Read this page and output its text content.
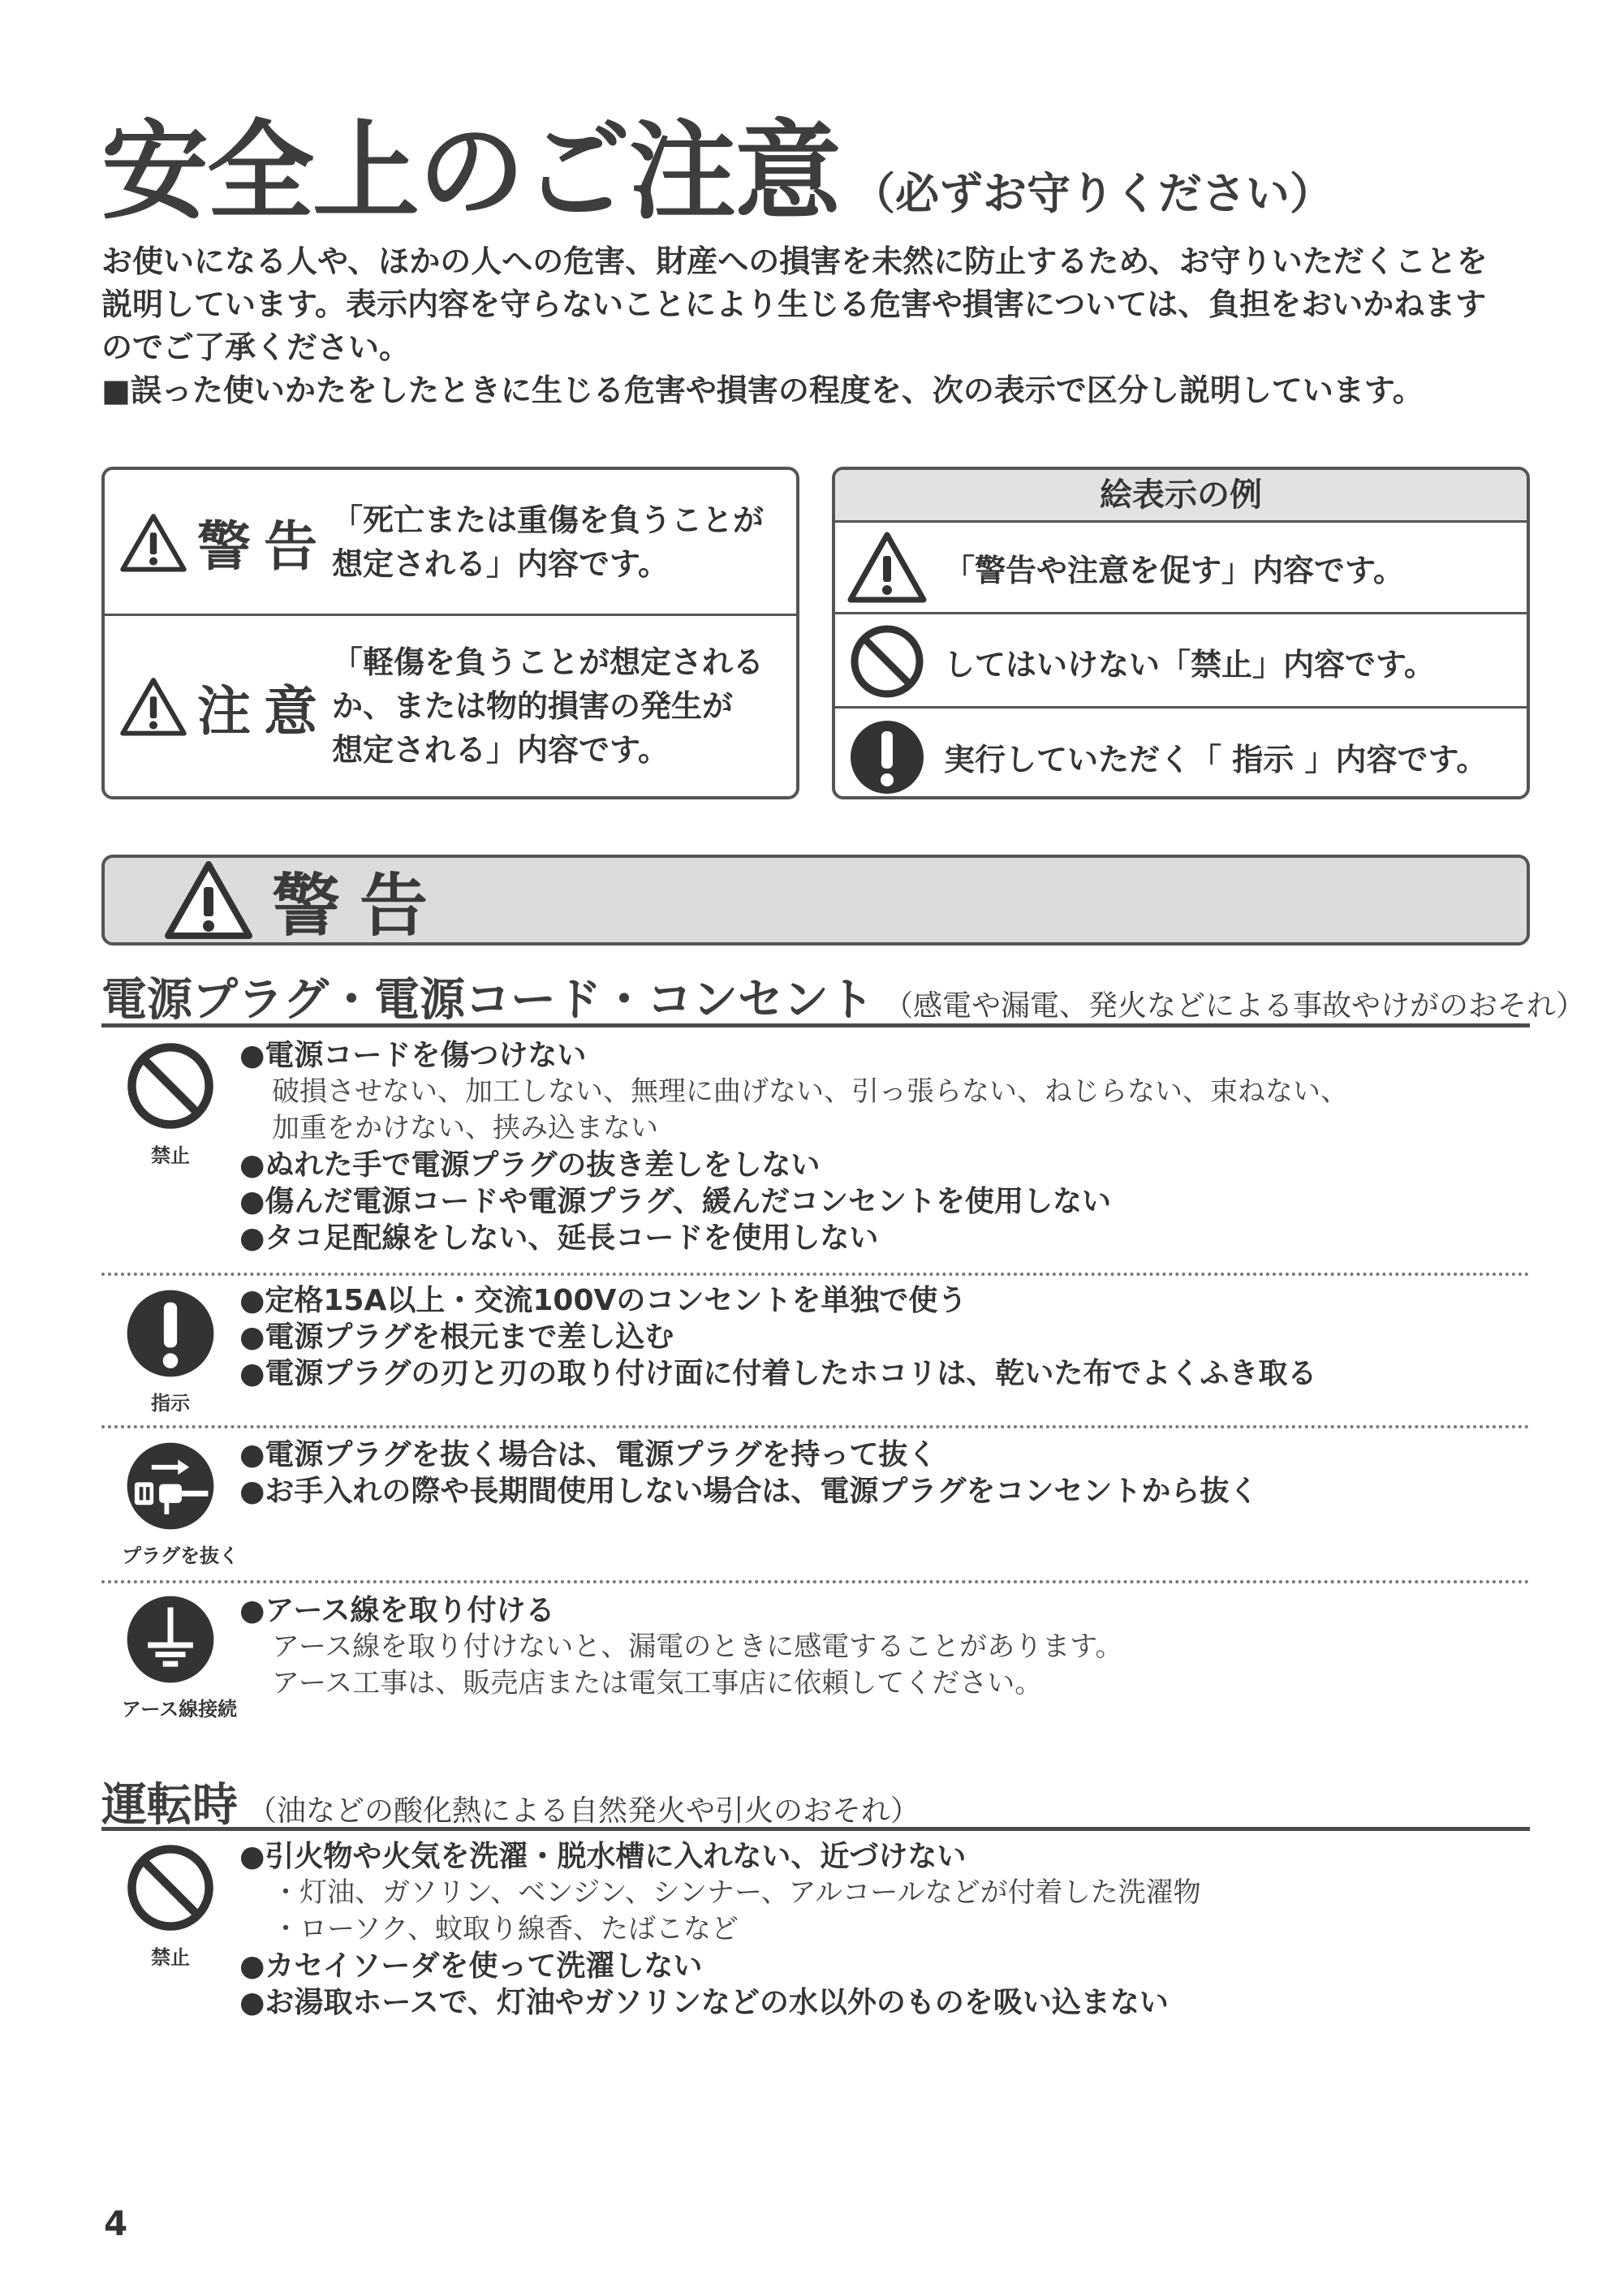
安全上のご注意 （必ずお守りください）

お使いになる人や、ほかの人への危害、財産への損害を未然に防止するため、お守りいただくことを

説明しています。表示内容を守らないことにより生じる危害や損害については、負担をおいかねます

のでご了承ください。

■誤った使いかたをしたときに生じる危害や損害の程度を、次の表示で区分し説明しています。

警告 「死亡または重傷を負うことが

想定される」内容です。

注意

「軽傷を負うことが想定される

か、または物的損害の発生が

想定される」内容です。

絵表示の例
「警告や注意を促す」内容です。
してはいけない「禁止」内容です。
実行していただく「 指示 」内容です。
警告
電源プラグ・電源コード・コンセント （感電や漏電、発火などによる事故やけがのおそれ）
禁止
●電源コードを傷つけない
破損させない、加工しない、無理に曲げない、引っ張らない、ねじらない、束ねない、
加重をかけない、挟み込まない
●ぬれた手で電源プラグの抜き差しをしない
●傷んだ電源コードや電源プラグ、緩んだコンセントを使用しない
●タコ足配線をしない、延長コードを使用しない
指示
●定格15A以上・交流100Vのコンセントを単独で使う
●電源プラグを根元まで差し込む
●電源プラグの刃と刃の取り付け面に付着したホコリは、乾いた布でよくふき取る
プラグを抜く
●電源プラグを抜く場合は、電源プラグを持って抜く
●お手入れの際や長期間使用しない場合は、電源プラグをコンセントから抜く
アース線接続
●アース線を取り付ける
アース線を取り付けないと、漏電のときに感電することがあります。
アース工事は、販売店または電気工事店に依頼してください。
運転時 （油などの酸化熱による自然発火や引火のおそれ）
禁止
●引火物や火気を洗濯・脱水槽に入れない、近づけない
・灯油、ガソリン、ベンジン、シンナー、アルコールなどが付着した洗濯物
・ローソク、蚊取り線香、たばこなど
●カセイソーダを使って洗濯しない
●お湯取ホースで、灯油やガソリンなどの水以外のものを吸い込まない
4
